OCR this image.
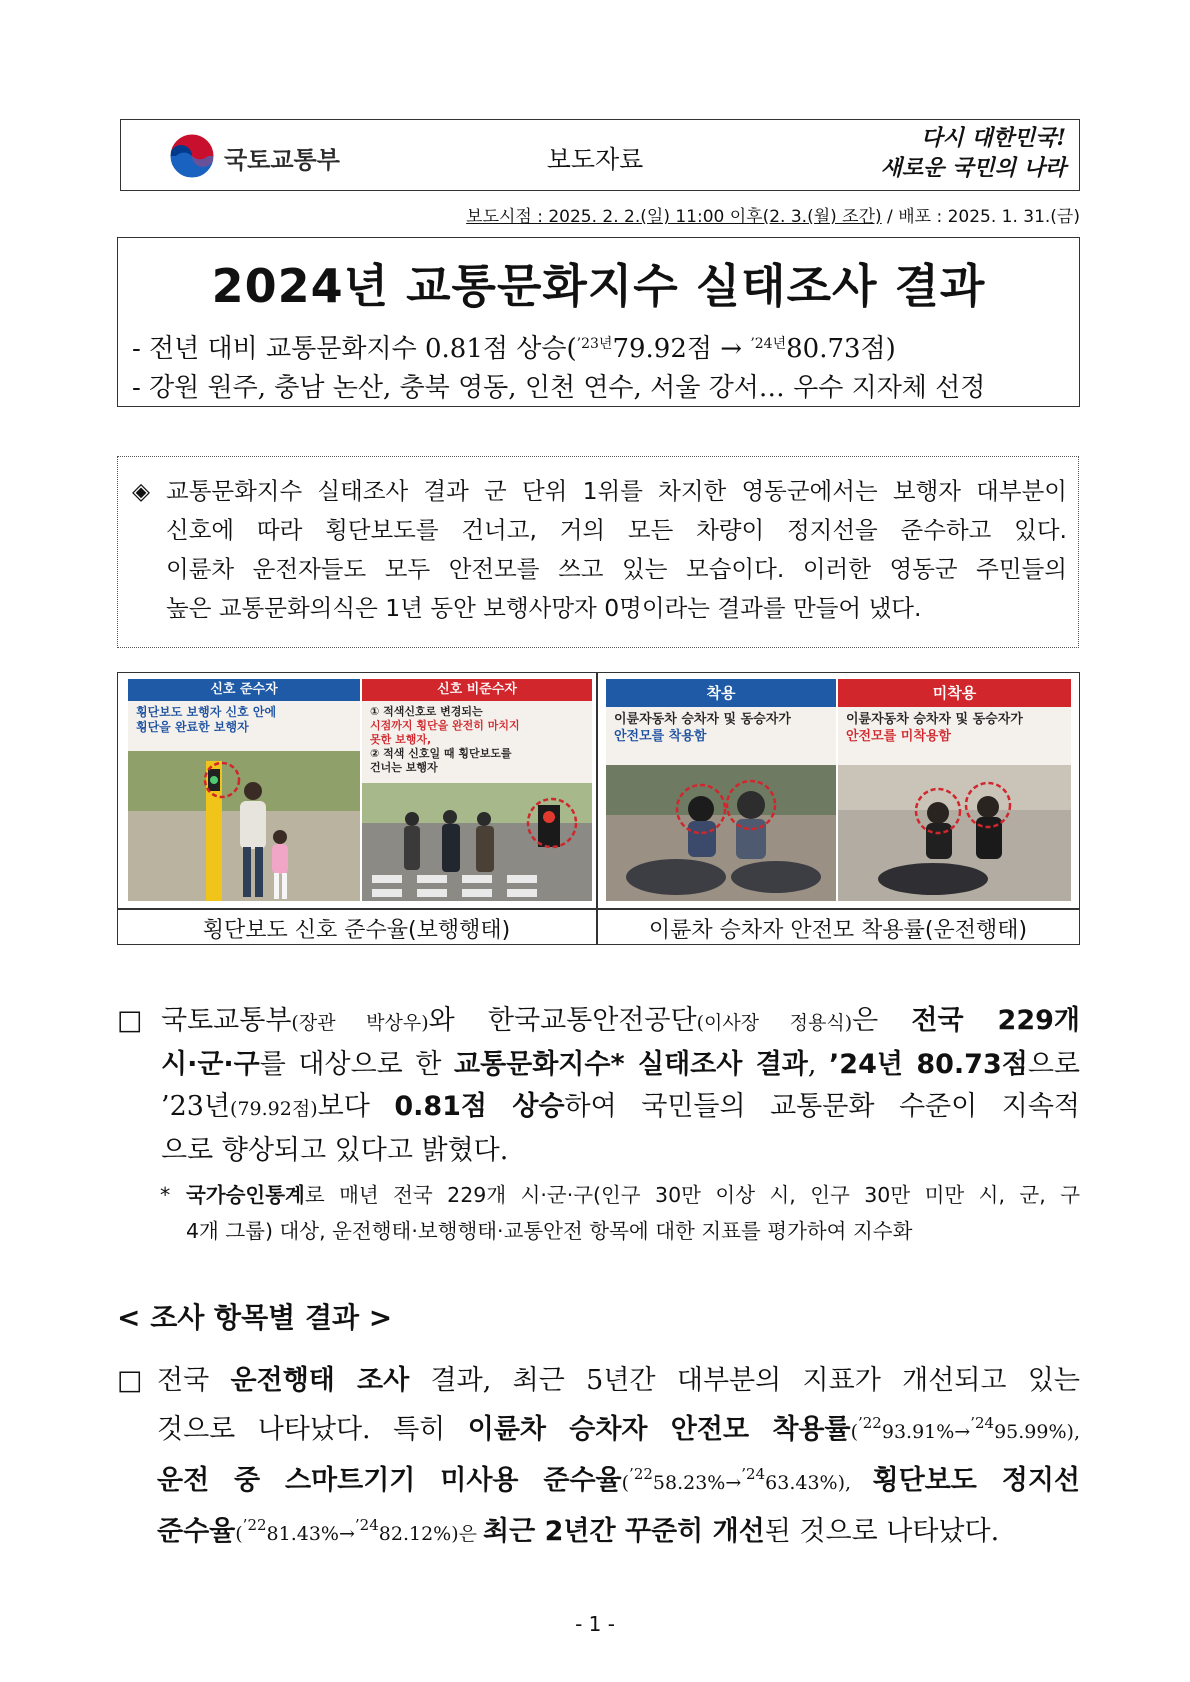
국토교통부	보도자료
다시 대한민국!
새로운 국민의 나라
보도시점 : 2025. 2. 2.(일) 11:00 이후(2. 3.(월) 조간) / 배포 : 2025. 1. 31.(금)
2024년 교통문화지수 실태조사 결과
- 전년 대비 교통문화지수 0.81점 상승($^{’23년}$79.92점 → $^{’24년}$80.73점)
- 강원 원주, 충남 논산, 충북 영동, 인천 연수, 서울 강서… 우수 지자체 선정
◈ 교통문화지수 실태조사 결과 군 단위 1위를 차지한 영동군에서는 보행자 대부분이

신호에 따라 횡단보도를 건너고, 거의 모든 차량이 정지선을 준수하고 있다.

이륜차 운전자들도 모두 안전모를 쓰고 있는 모습이다. 이러한 영동군 주민들의

높은 교통문화의식은 1년 동안 보행사망자 0명이라는 결과를 만들어 냈다.

신호 준수자
횡단보도 보행자 신호 안에
횡단을 완료한 보행자
신호 비준수자
① 적색신호로 변경되는
시점까지 횡단을 완전히 마치지
못한 보행자,
② 적색 신호일 때 횡단보도를
건너는 보행자
착용
이륜자동차 승차자 및 동승자가
안전모를 착용함
미착용
이륜자동차 승차자 및 동승자가
안전모를 미착용함
횡단보도 신호 준수율(보행행태)	이륜차 승차자 안전모 착용률(운전행태)
□ 국토교통부(장관 박상우)와 한국교통안전공단(이사장 정용식)은 전국 229개

시·군·구를 대상으로 한 교통문화지수* 실태조사 결과, ’24년 80.73점으로

’23년(79.92점)보다 0.81점 상승하여 국민들의 교통문화 수준이 지속적

으로 향상되고 있다고 밝혔다.

* 국가승인통계로 매년 전국 229개 시·군·구(인구 30만 이상 시, 인구 30만 미만 시, 군, 구

4개 그룹) 대상, 운전행태·보행행태·교통안전 항목에 대한 지표를 평가하여 지수화

< 조사 항목별 결과 >
□ 전국 운전행태 조사 결과, 최근 5년간 대부분의 지표가 개선되고 있는

것으로 나타났다. 특히 이륜차 승차자 안전모 착용률($^{’22}$93.91%→$^{’24}$95.99%),

운전 중 스마트기기 미사용 준수율($^{’22}$58.23%→$^{’24}$63.43%), 횡단보도 정지선

준수율($^{’22}$81.43%→$^{’24}$82.12%)은 최근 2년간 꾸준히 개선된 것으로 나타났다.

- 1 -
